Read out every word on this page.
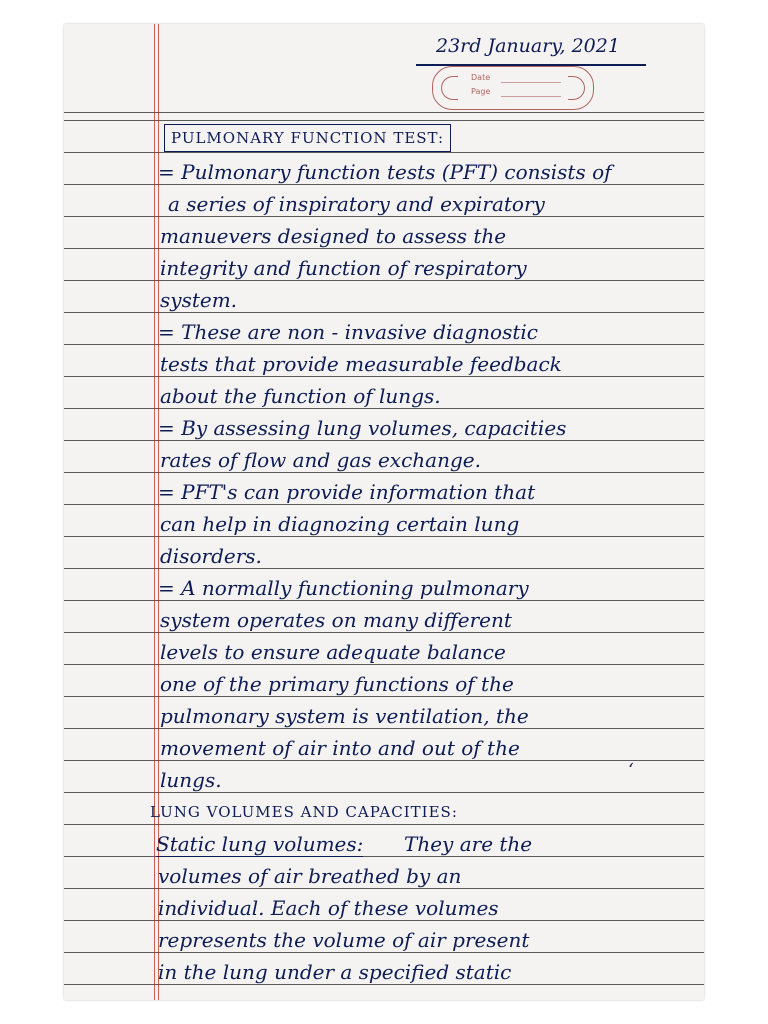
23rd January, 2021
Date
Page
PULMONARY FUNCTION TEST:
= Pulmonary function tests (PFT) consists of
a series of inspiratory and expiratory
manuevers designed to assess the
integrity and function of respiratory
system.
= These are non - invasive diagnostic
tests that provide measurable feedback
about the function of lungs.
= By assessing lung volumes, capacities
rates of flow and gas exchange.
= PFT's can provide information that
can help in diagnozing certain lung
disorders.
= A normally functioning pulmonary
system operates on many different
levels to ensure adequate balance
one of the primary functions of the
pulmonary system is ventilation, the
movement of air into and out of the
lungs.
LUNG VOLUMES AND CAPACITIES:
Static lung volumes: They are the
volumes of air breathed by an
individual. Each of these volumes
represents the volume of air present
in the lung under a specified static
‘
